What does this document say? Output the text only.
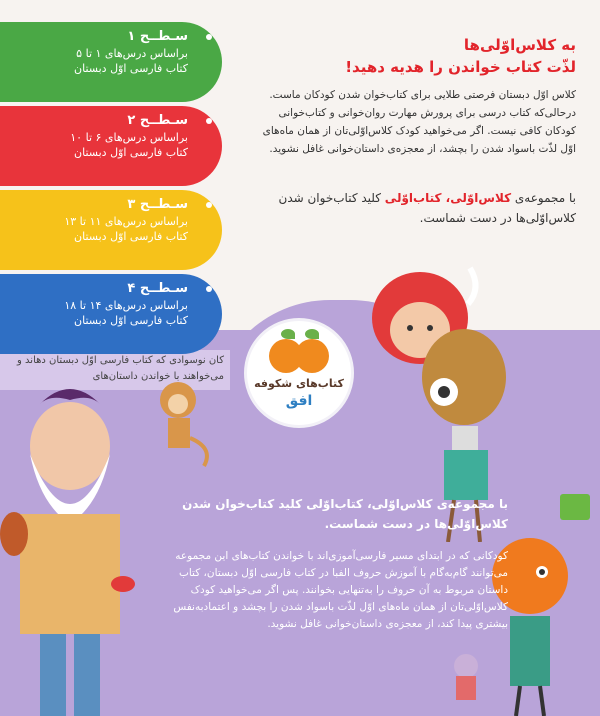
سـطــح ۱
براساس درس‌های ۱ تا ۵
کتاب فارسی اوّل دبستان
سـطــح ۲
براساس درس‌های ۶ تا ۱۰
کتاب فارسی اوّل دبستان
سـطــح ۳
براساس درس‌های ۱۱ تا ۱۳
کتاب فارسی اوّل دبستان
سـطــح ۴
براساس درس‌های ۱۴ تا ۱۸
کتاب فارسی اوّل دبستان
به کلاس‌اوّلی‌ها
لذّت کتاب خواندن را هدیه دهید!
کلاس اوّل دبستان فرصتی طلایی برای کتاب‌خوان شدن کودکان ماست. درحالی‌که کتاب درسی برای پرورش مهارت روان‌خوانی و کتاب‌خوانی کودکان کافی نیست. اگر می‌خواهید کودک کلاس‌اوّلی‌تان از همان ماه‌های اوّل لذّت باسواد شدن را بچشد، از معجزه‌ی داستان‌خوانی غافل نشوید.
با مجموعه‌ی کلاس‌اوّلی، کتاب‌اوّلی کلید کتاب‌خوان شدن کلاس‌اوّلی‌ها در دست شماست.
کان نوسوادی که کتاب فارسی اوّل دبستان دهاند و می‌خواهند با خواندن داستان‌های
کتاب‌های شکوفه
افق
با مجموعه‌ی کلاس‌اوّلی، کتاب‌اوّلی کلید کتاب‌خوان شدن کلاس‌اوّلی‌ها در دست شماست.
کودکانی که در ابتدای مسیر فارسی‌آموزی‌اند با خواندن کتاب‌های این مجموعه می‌توانند گام‌به‌گام با آموزش حروف الفبا در کتاب فارسی اوّل دبستان، کتاب داستان مربوط به آن حروف را به‌تنهایی بخوانند. پس اگر می‌خواهید کودک کلاس‌اوّلی‌تان از همان ماه‌های اوّل لذّت باسواد شدن را بچشد و اعتمادبه‌نفس بیشتری پیدا کند، از معجزه‌ی داستان‌خوانی غافل نشوید.
